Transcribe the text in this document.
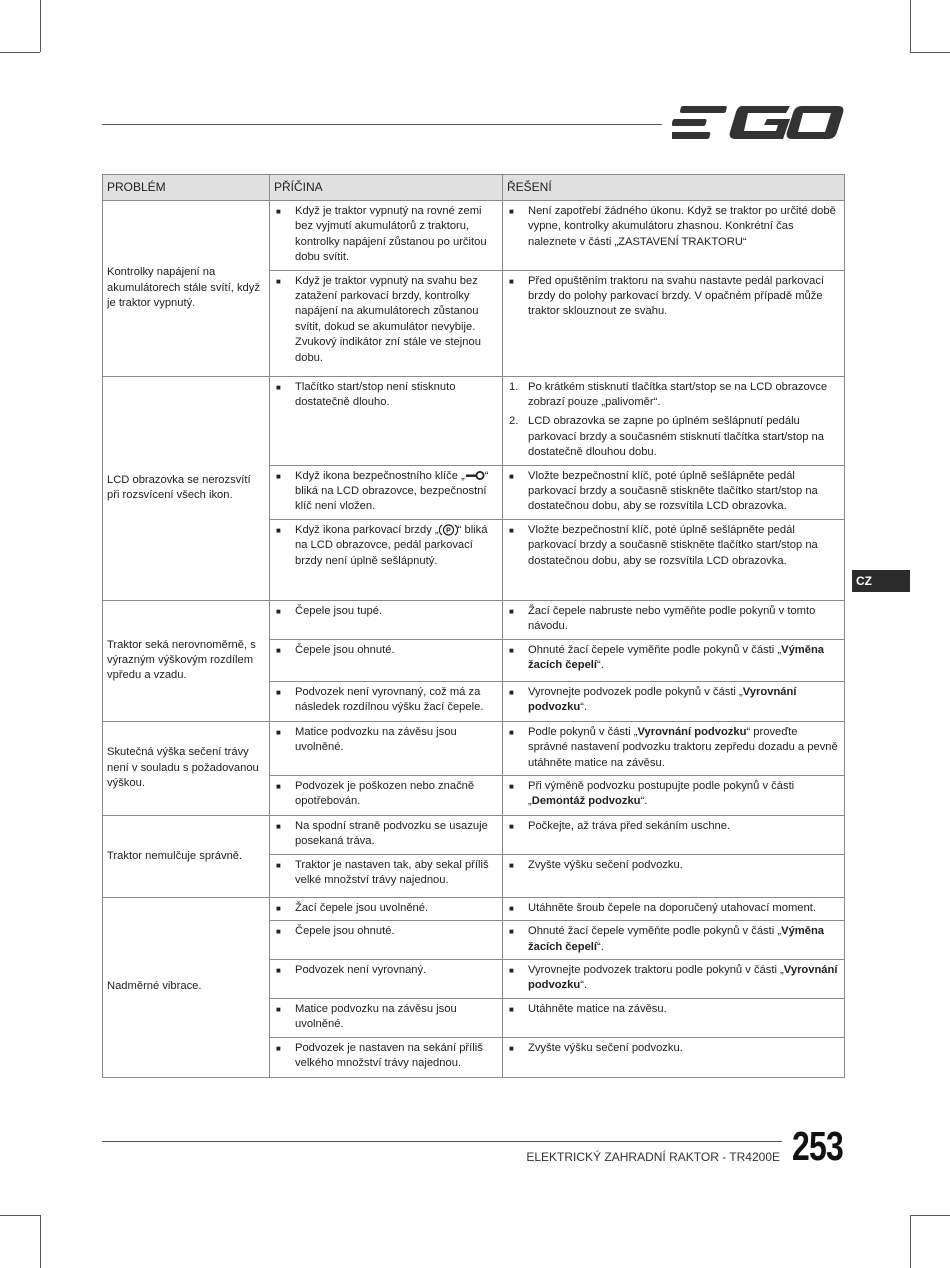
PROBLÉM	PŘÍČINA	ŘEŠENÍ
Kontrolky napájení na akumulátorech stále svítí, když je traktor vypnutý.	■ Když je traktor vypnutý na rovné zemi bez vyjmutí akumulátorů z traktoru, kontrolky napájení zůstanou po určitou dobu svítit.	■ Není zapotřebí žádného úkonu. Když se traktor po určité době vypne, kontrolky akumulátoru zhasnou. Konkrétní čas naleznete v části „ZASTAVENÍ TRAKTORU“

	■ Když je traktor vypnutý na svahu bez zatažení parkovací brzdy, kontrolky napájení na akumulátorech zůstanou svítit, dokud se akumulátor nevybije. Zvukový indikátor zní stále ve stejnou dobu.	■ Před opuštěním traktoru na svahu nastavte pedál parkovací brzdy do polohy parkovací brzdy. V opačném případě může traktor sklouznout ze svahu.

LCD obrazovka se nerozsvítí při rozsvícení všech ikon.	■ Tlačítko start/stop není stisknuto dostatečně dlouho.	1. Po krátkém stisknutí tlačítka start/stop se na LCD obrazovce zobrazí pouze „palivoměr“.
2. LCD obrazovka se zapne po úplném sešlápnutí pedálu parkovací brzdy a současném stisknutí tlačítka start/stop na dostatečně dlouhou dobu.

	■ Když ikona bezpečnostního klíče „ “ bliká na LCD obrazovce, bezpečnostní klíč není vložen.	■ Vložte bezpečnostní klíč, poté úplně sešlápněte pedál parkovací brzdy a současně stiskněte tlačítko start/stop na dostatečnou dobu, aby se rozsvítila LCD obrazovka.

	■ Když ikona parkovací brzdy „ P “ bliká na LCD obrazovce, pedál parkovací brzdy není úplně sešlápnutý.	■ Vložte bezpečnostní klíč, poté úplně sešlápněte pedál parkovací brzdy a současně stiskněte tlačítko start/stop na dostatečnou dobu, aby se rozsvítila LCD obrazovka.

Traktor seká nerovnoměrně, s výrazným výškovým rozdílem vpředu a vzadu.	■ Čepele jsou tupé.	■ Žací čepele nabruste nebo vyměňte podle pokynů v tomto návodu.

	■ Čepele jsou ohnuté.	■ Ohnuté žací čepele vyměňte podle pokynů v části „Výměna žacích čepelí“.

	■ Podvozek není vyrovnaný, což má za následek rozdílnou výšku žací čepele.	■ Vyrovnejte podvozek podle pokynů v části „Vyrovnání podvozku“.

Skutečná výška sečení trávy není v souladu s požadovanou výškou.	■ Matice podvozku na závěsu jsou uvolněné.	■ Podle pokynů v části „Vyrovnání podvozku“ proveďte správné nastavení podvozku traktoru zepředu dozadu a pevně utáhněte matice na závěsu.

	■ Podvozek je poškozen nebo značně opotřebován.	■ Při výměně podvozku postupujte podle pokynů v části „Demontáž podvozku“.

Traktor nemulčuje správně.	■ Na spodní straně podvozku se usazuje posekaná tráva.	■ Počkejte, až tráva před sekáním uschne.

	■ Traktor je nastaven tak, aby sekal příliš velké množství trávy najednou.	■ Zvyšte výšku sečení podvozku.

Nadměrné vibrace.	■ Žací čepele jsou uvolněné.	■ Utáhněte šroub čepele na doporučený utahovací moment.

	■ Čepele jsou ohnuté.	■ Ohnuté žací čepele vyměňte podle pokynů v části „Výměna žacích čepelí“.

	■ Podvozek není vyrovnaný.	■ Vyrovnejte podvozek traktoru podle pokynů v části „Vyrovnání podvozku“.

	■ Matice podvozku na závěsu jsou uvolněné.	■ Utáhněte matice na závěsu.

	■ Podvozek je nastaven na sekání příliš velkého množství trávy najednou.	■ Zvyšte výšku sečení podvozku.
CZ
ELEKTRICKÝ ZAHRADNÍ RAKTOR - TR4200E 253
